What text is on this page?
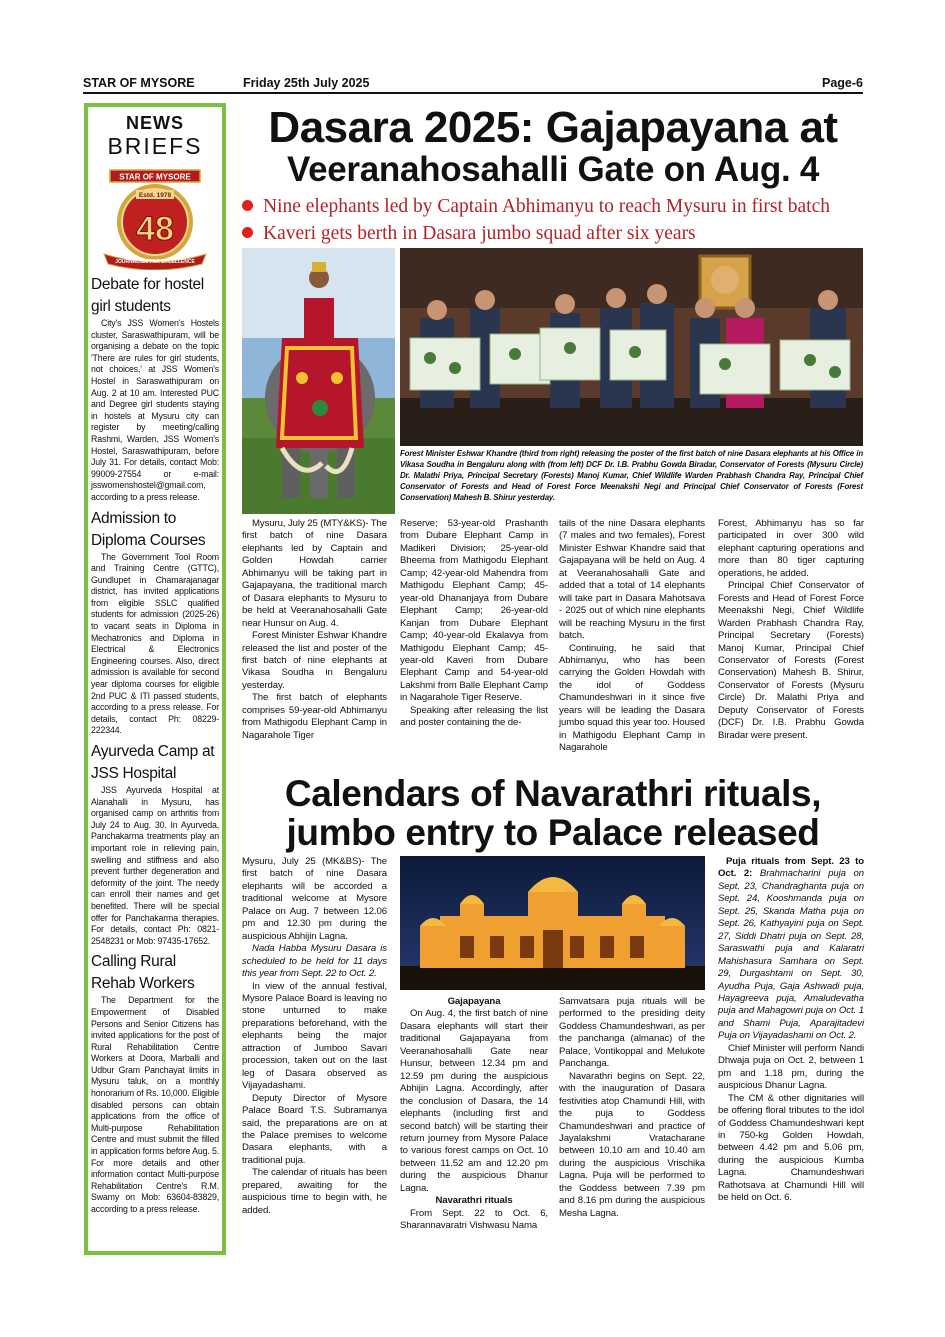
STAR OF MYSORE	Friday 25th July 2025	Page-6
NEWS
BRIEFS
STAR OF MYSORE
Estd. 1978
48
JOURNALISM PAR EXCELLENCE
Debate for hostel girl students
City's JSS Women's Hostels cluster, Saraswathipuram, will be organising a debate on the topic 'There are rules for girl students, not choices,' at JSS Women's Hostel in Saraswathipuram on Aug. 2 at 10 am. Interested PUC and Degree girl students staying in hostels at Mysuru city can register by meeting/calling Rashmi, Warden, JSS Women's Hostel, Saraswathipuram, before July 31. For details, contact Mob: 99009-27554 or e-mail: jsswomenshostel@gmail.com, according to a press release.
Admission to Diploma Courses
The Government Tool Room and Training Centre (GTTC), Gundlupet in Chamarajanagar district, has invited applications from eligible SSLC qualified students for admission (2025-26) to vacant seats in Diploma in Mechatronics and Diploma in Electrical & Electronics Engineering courses. Also, direct admission is available for second year diploma courses for eligible 2nd PUC & ITI passed students, according to a press release. For details, contact Ph: 08229- 222344.
Ayurveda Camp at JSS Hospital
JSS Ayurveda Hospital at Alanahalli in Mysuru, has organised camp on arthritis from July 24 to Aug. 30. In Ayurveda, Panchakarma treatments play an important role in relieving pain, swelling and stiffness and also prevent further degeneration and deformity of the joint. The needy can enroll their names and get benefited. There will be special offer for Panchakarma therapies. For details, contact Ph: 0821-2548231 or Mob: 97435-17652.
Calling Rural Rehab Workers
The Department for the Empowerment of Disabled Persons and Senior Citizens has invited applications for the post of Rural Rehabilitation Centre Workers at Doora, Marballi and Udbur Gram Panchayat limits in Mysuru taluk, on a monthly honorarium of Rs. 10,000. Eligible disabled persons can obtain applications from the office of Multi-purpose Rehabilitation Centre and must submit the filled in application forms before Aug. 5. For more details and other information contact Multi-purpose Rehabilitation Centre's R.M. Swamy on Mob: 63604-83829, according to a press release.
Dasara 2025: Gajapayana at
Veeranahosahalli Gate on Aug. 4
Nine elephants led by Captain Abhimanyu to reach Mysuru in first batch
Kaveri gets berth in Dasara jumbo squad after six years
Forest Minister Eshwar Khandre (third from right) releasing the poster of the first batch of nine Dasara elephants at his Office in Vikasa Soudha in Bengaluru along with (from left) DCF Dr. I.B. Prabhu Gowda Biradar, Conservator of Forests (Mysuru Circle) Dr. Malathi Priya, Principal Secretary (Forests) Manoj Kumar, Chief Wildlife Warden Prabhash Chandra Ray, Principal Chief Conservator of Forests and Head of Forest Force Meenakshi Negi and Principal Chief Conservator of Forests (Forest Conservation) Mahesh B. Shirur yesterday.

Mysuru, July 25 (MTY&KS)- The first batch of nine Dasara elephants led by Captain and Golden Howdah carrier Abhimanyu will be taking part in Gajapayana, the traditional march of Dasara elephants to Mysuru to be held at Veeranahosahalli Gate near Hunsur on Aug. 4.

Forest Minister Eshwar Khandre released the list and poster of the first batch of nine elephants at Vikasa Soudha in Bengaluru yesterday.

The first batch of elephants comprises 59-year-old Abhimanyu from Mathigodu Elephant Camp in Nagarahole Tiger

Reserve; 53-year-old Prashanth from Dubare Elephant Camp in Madikeri Division; 25-year-old Bheema from Mathigodu Elephant Camp; 42-year-old Mahendra from Mathigodu Elephant Camp; 45-year-old Dhananjaya from Dubare Elephant Camp; 26-year-old Kanjan from Dubare Elephant Camp; 40-year-old Ekalavya from Mathigodu Elephant Camp; 45-year-old Kaveri from Dubare Elephant Camp and 54-year-old Lakshmi from Balle Elephant Camp in Nagarahole Tiger Reserve.

Speaking after releasing the list and poster containing the de-

tails of the nine Dasara elephants (7 males and two females), Forest Minister Eshwar Khandre said that Gajapayana will be held on Aug. 4 at Veeranahosahalli Gate and added that a total of 14 elephants will take part in Dasara Mahotsava - 2025 out of which nine elephants will be reaching Mysuru in the first batch.

Continuing, he said that Abhimanyu, who has been carrying the Golden Howdah with the idol of Goddess Chamundeshwari in it since five years will be leading the Dasara jumbo squad this year too. Housed in Mathigodu Elephant Camp in Nagarahole

Forest, Abhimanyu has so far participated in over 300 wild elephant capturing operations and more than 80 tiger capturing operations, he added.

Principal Chief Conservator of Forests and Head of Forest Force Meenakshi Negi, Chief Wildlife Warden Prabhash Chandra Ray, Principal Secretary (Forests) Manoj Kumar, Principal Chief Conservator of Forests (Forest Conservation) Mahesh B. Shirur, Conservator of Forests (Mysuru Circle) Dr. Malathi Priya and Deputy Conservator of Forests (DCF) Dr. I.B. Prabhu Gowda Biradar were present.

Calendars of Navarathri rituals,
jumbo entry to Palace released

Mysuru, July 25 (MK&BS)- The first batch of nine Dasara elephants will be accorded a traditional welcome at Mysore Palace on Aug. 7 between 12.06 pm and 12.30 pm during the auspicious Abhijin Lagna.

Nada Habba Mysuru Dasara is scheduled to be held for 11 days this year from Sept. 22 to Oct. 2.

In view of the annual festival, Mysore Palace Board is leaving no stone unturned to make preparations beforehand, with the elephants being the major attraction of Jumboo Savari procession, taken out on the last leg of Dasara observed as Vijayadashami.

Deputy Director of Mysore Palace Board T.S. Subramanya said, the preparations are on at the Palace premises to welcome Dasara elephants, with a traditional puja.

The calendar of rituals has been prepared, awaiting for the auspicious time to begin with, he added.

Gajapayana

On Aug. 4, the first batch of nine Dasara elephants will start their traditional Gajapayana from Veeranahosahalli Gate near Hunsur, between 12.34 pm and 12.59 pm during the auspicious Abhijin Lagna. Accordingly, after the conclusion of Dasara, the 14 elephants (including first and second batch) will be starting their return journey from Mysore Palace to various forest camps on Oct. 10 between 11.52 am and 12.20 pm during the auspicious Dhanur Lagna.

Navarathri rituals

From Sept. 22 to Oct. 6, Sharannavaratri Vishwasu Nama

Samvatsara puja rituals will be performed to the presiding deity Goddess Chamundeshwari, as per the panchanga (almanac) of the Palace, Vontikoppal and Melukote Panchanga.

Navarathri begins on Sept. 22, with the inauguration of Dasara festivities atop Chamundi Hill, with the puja to Goddess Chamundeshwari and practice of Jayalakshmi Vratacharane between 10.10 am and 10.40 am during the auspicious Vrischika Lagna. Puja will be performed to the Goddess between 7.39 pm and 8.16 pm during the auspicious Mesha Lagna.

Puja rituals from Sept. 23 to Oct. 2: Brahmacharini puja on Sept. 23, Chandraghanta puja on Sept. 24, Kooshmanda puja on Sept. 25, Skanda Matha puja on Sept. 26, Kathyayini puja on Sept. 27, Siddi Dhatri puja on Sept. 28, Saraswathi puja and Kalaratri Mahishasura Samhara on Sept. 29, Durgashtami on Sept. 30, Ayudha Puja, Gaja Ashwadi puja, Hayagreeva puja, Amaludevatha puja and Mahagowri puja on Oct. 1 and Shami Puja, Aparajitadevi Puja on Vijayadashami on Oct. 2.

Chief Minister will perform Nandi Dhwaja puja on Oct. 2, between 1 pm and 1.18 pm, during the auspicious Dhanur Lagna.

The CM & other dignitaries will be offering floral tributes to the idol of Goddess Chamundeshwari kept in 750-kg Golden Howdah, between 4.42 pm and 5.06 pm, during the auspicious Kumba Lagna. Chamundeshwari Rathotsava at Chamundi Hill will be held on Oct. 6.
